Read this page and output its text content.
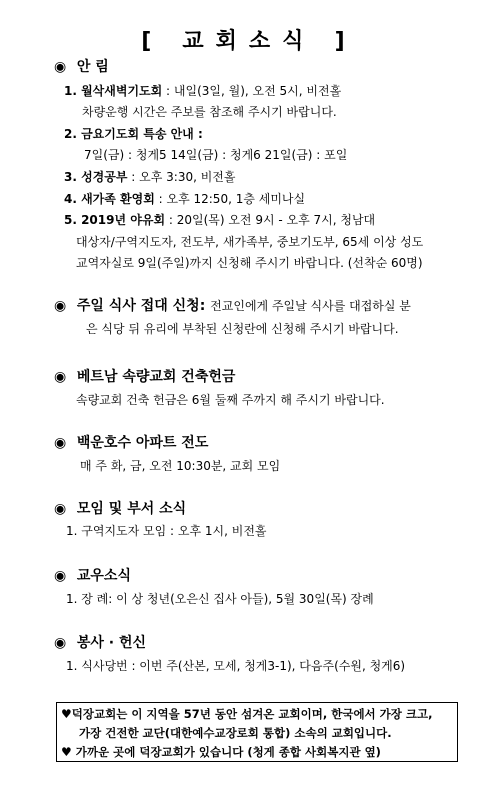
[ 교회소식 ]
◉ 안 림
1. 월삭새벽기도회 : 내일(3일, 월), 오전 5시, 비전홀
차량운행 시간은 주보를 참조해 주시기 바랍니다.
2. 금요기도회 특송 안내 :
7일(금) : 청게5 14일(금) : 청게6 21일(금) : 포일
3. 성경공부 : 오후 3:30, 비전홀
4. 새가족 환영회 : 오후 12:50, 1층 세미나실
5. 2019년 야유회 : 20일(목) 오전 9시 - 오후 7시, 청남대
대상자/구역지도자, 전도부, 새가족부, 중보기도부, 65세 이상 성도
교역자실로 9일(주일)까지 신청해 주시기 바랍니다. (선착순 60명)
◉ 주일 식사 접대 신청: 전교인에게 주일날 식사를 대접하실 분
은 식당 뒤 유리에 부착된 신청란에 신청해 주시기 바랍니다.
◉ 베트남 속량교회 건축헌금
속량교회 건축 헌금은 6월 둘째 주까지 해 주시기 바랍니다.
◉ 백운호수 아파트 전도
매 주 화, 금, 오전 10:30분, 교회 모임
◉ 모임 및 부서 소식
1. 구역지도자 모임 : 오후 1시, 비전홀
◉ 교우소식
1. 장 례: 이 상 청년(오은신 집사 아들), 5월 30일(목) 장례
◉ 봉사 · 헌신
1. 식사당번 : 이번 주(산본, 모세, 청게3-1), 다음주(수원, 청게6)
♥덕장교회는 이 지역을 57년 동안 섬겨온 교회이며, 한국에서 가장 크고,
가장 건전한 교단(대한예수교장로회 통합) 소속의 교회입니다.
♥ 가까운 곳에 덕장교회가 있습니다 (청게 종합 사회복지관 옆)
